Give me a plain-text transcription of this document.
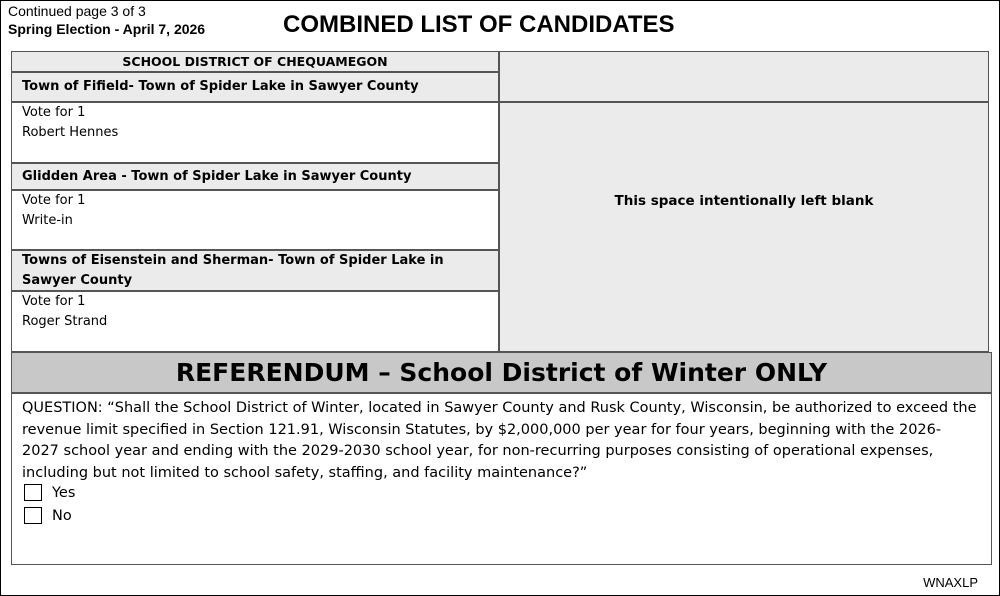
Continued page 3 of 3
Spring Election - April 7, 2026	COMBINED LIST OF CANDIDATES
SCHOOL DISTRICT OF CHEQUAMEGON
Town of Fifield- Town of Spider Lake in Sawyer County
Vote for 1
Robert Hennes
Glidden Area - Town of Spider Lake in Sawyer County
Vote for 1
Write-in
Towns of Eisenstein and Sherman- Town of Spider Lake in Sawyer County
Vote for 1
Roger Strand
This space intentionally left blank
REFERENDUM – School District of Winter ONLY
QUESTION: “Shall the School District of Winter, located in Sawyer County and Rusk County, Wisconsin, be authorized to exceed the revenue limit specified in Section 121.91, Wisconsin Statutes, by $2,000,000 per year for four years, beginning with the 2026-2027 school year and ending with the 2029-2030 school year, for non-recurring purposes consisting of operational expenses, including but not limited to school safety, staffing, and facility maintenance?”
Yes
No
WNAXLP
